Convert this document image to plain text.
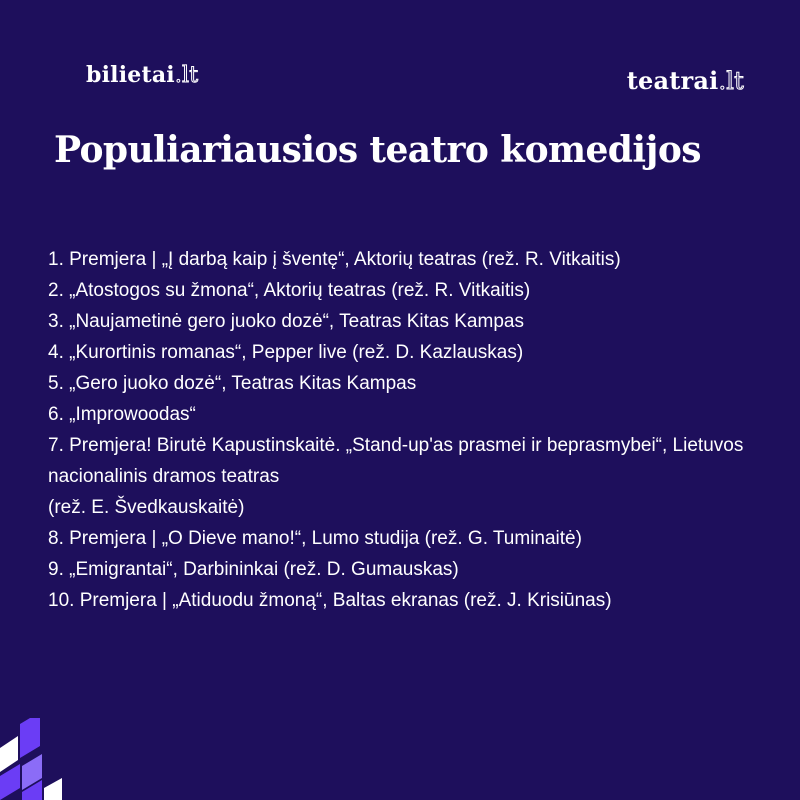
bilietai.lt	teatrai.lt
Populiariausios teatro komedijos
1. Premjera | „Į darbą kaip į šventę“, Aktorių teatras (rež. R. Vitkaitis)
2. „Atostogos su žmona“, Aktorių teatras (rež. R. Vitkaitis)
3. „Naujametinė gero juoko dozė“, Teatras Kitas Kampas
4. „Kurortinis romanas“, Pepper live (rež. D. Kazlauskas)
5. „Gero juoko dozė“, Teatras Kitas Kampas
6. „Improwoodas“
7. Premjera! Birutė Kapustinskaitė. „Stand-up'as prasmei ir beprasmybei“, Lietuvos nacionalinis dramos teatras
(rež. E. Švedkauskaitė)
8. Premjera | „O Dieve mano!“, Lumo studija (rež. G. Tuminaitė)
9. „Emigrantai“, Darbininkai (rež. D. Gumauskas)
10. Premjera | „Atiduodu žmoną“, Baltas ekranas (rež. J. Krisiūnas)
